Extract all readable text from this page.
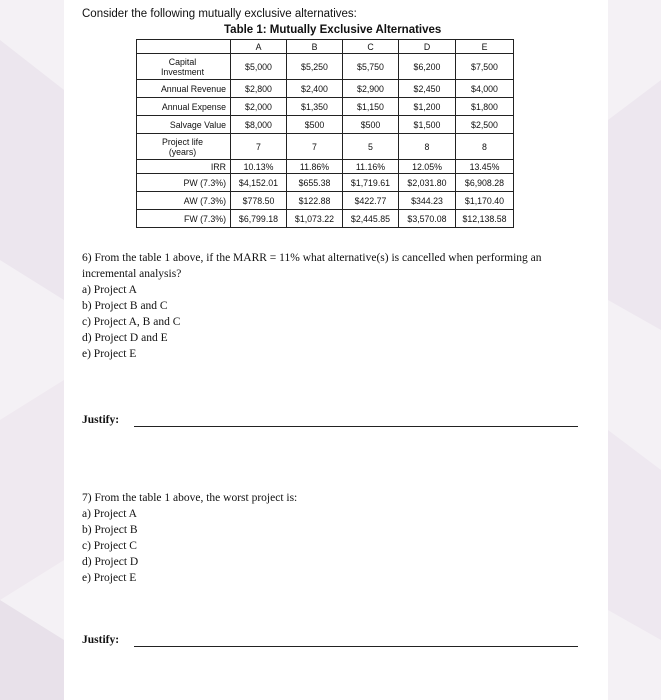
Consider the following mutually exclusive alternatives:
Table 1: Mutually Exclusive Alternatives
	A	B	C	D	E

Capital
Investment	$5,000	$5,250	$5,750	$6,200	$7,500
Annual Revenue	$2,800	$2,400	$2,900	$2,450	$4,000
Annual Expense	$2,000	$1,350	$1,150	$1,200	$1,800
Salvage Value	$8,000	$500	$500	$1,500	$2,500

Project life
(years)	7	7	5	8	8
IRR	10.13%	11.86%	11.16%	12.05%	13.45%
PW (7.3%)	$4,152.01	$655.38	$1,719.61	$2,031.80	$6,908.28
AW (7.3%)	$778.50	$122.88	$422.77	$344.23	$1,170.40
FW (7.3%)	$6,799.18	$1,073.22	$2,445.85	$3,570.08	$12,138.58

6) From the table 1 above, if the MARR = 11% what alternative(s) is cancelled when performing an incremental analysis?

a) Project A

b) Project B and C

c) Project A, B and C

d) Project D and E

e) Project E

Justify:

7) From the table 1 above, the worst project is:

a) Project A

b) Project B

c) Project C

d) Project D

e) Project E

Justify:
